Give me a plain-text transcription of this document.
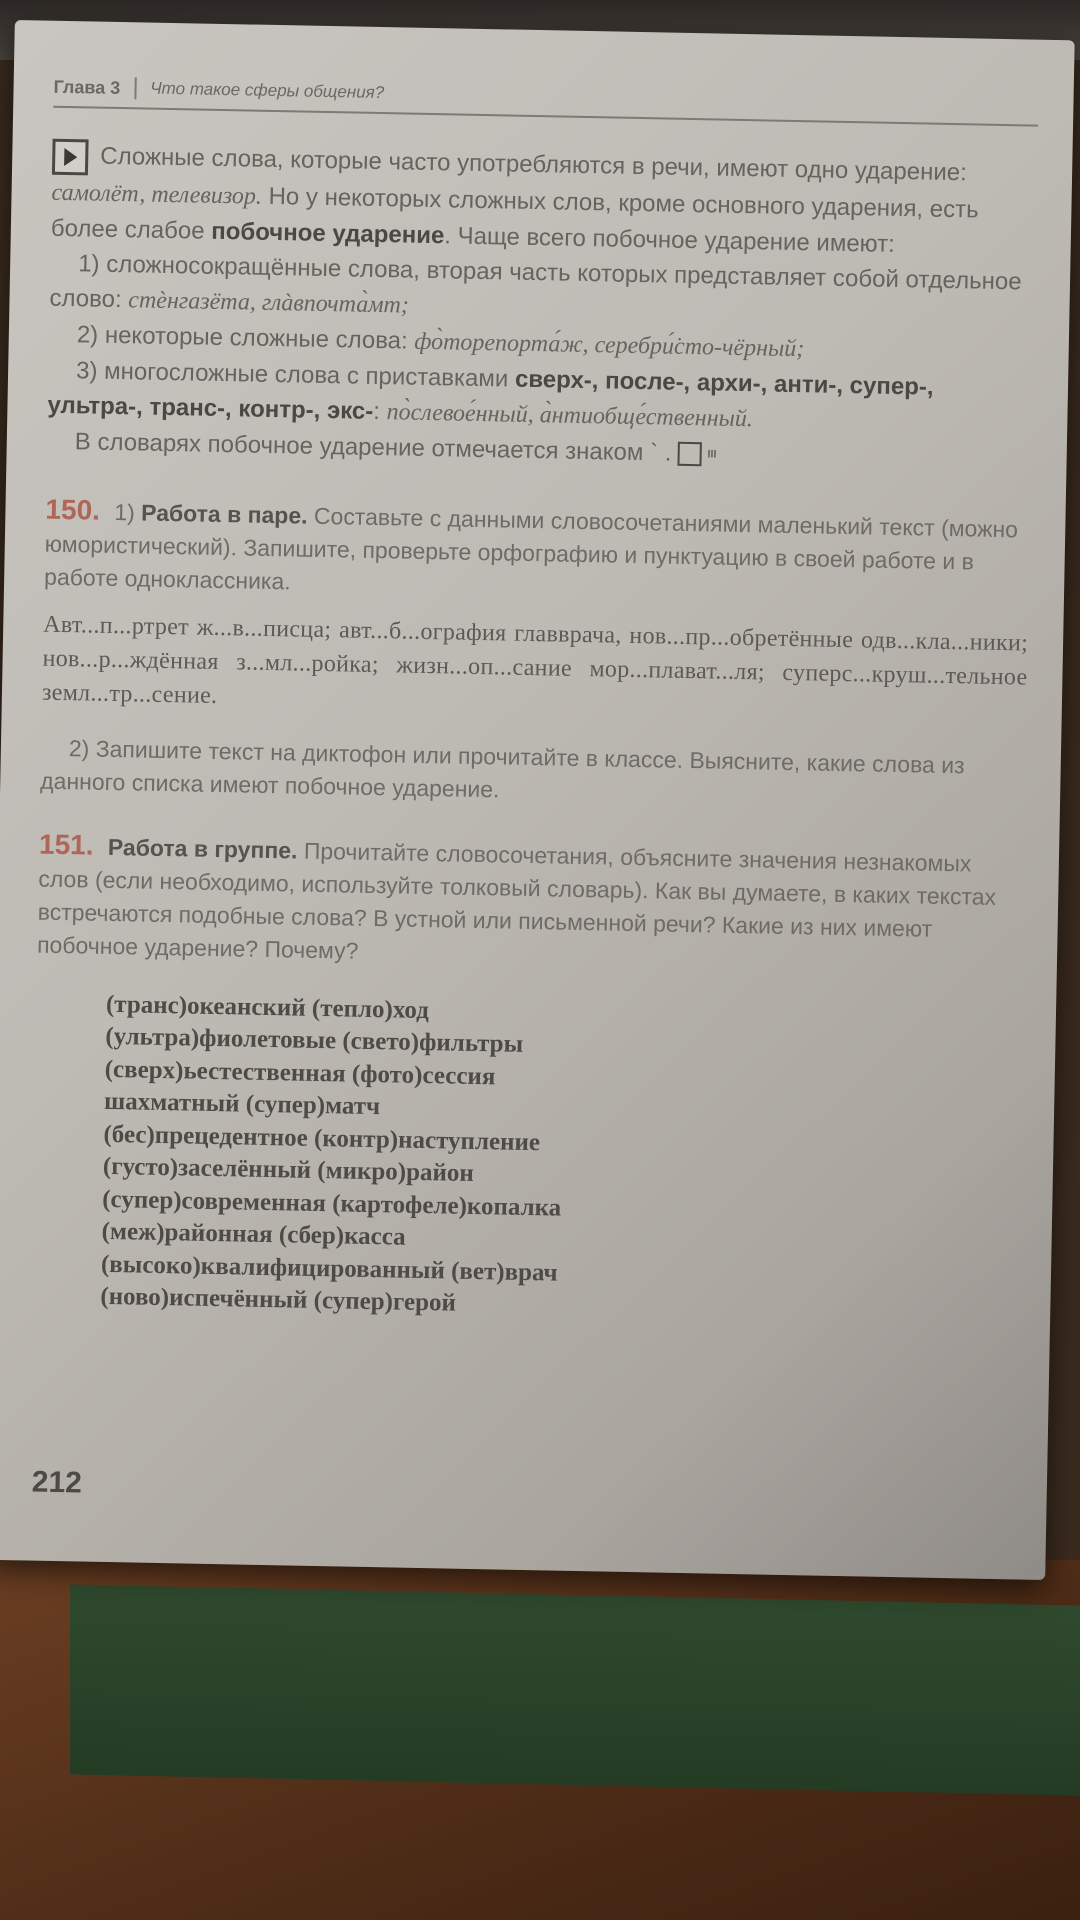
Глава 3 Что такое сферы общения?
Сложные слова, которые часто употребляются в речи, имеют одно ударение: самолёт, телевизор. Но у некоторых сложных слов, кроме основного ударения, есть более слабое побочное ударение. Чаще всего побочное ударение имеют:
1) сложносокращённые слова, вторая часть которых представляет собой отдельное слово: стѐнгазёта, глàвпочта̀мт;
2) некоторые сложные слова: фо̀торепорта́ж, серебри̇́сто-чёрный;
3) многосложные слова с приставками сверх-, после-, архи-, анти-, супер-, ультра-, транс-, контр-, экс-: по̀слевое́нный, а̀нтиобще́ственный.
В словарях побочное ударение отмечается знаком ` .	III
150. 1) Работа в паре. Составьте с данными словосочетаниями маленький текст (можно юмористический). Запишите, проверьте орфографию и пунктуацию в своей работе и в работе одноклассника.
Авт...п...ртрет ж...в...писца; авт...б...ография главврача, нов...пр...обретённые одв...кла...ники; нов...р...ждённая з...мл...ройка; жизн...оп...сание мор...плават...ля; суперс...круш...тельное земл...тр...сение.
2) Запишите текст на диктофон или прочитайте в классе. Выясните, какие слова из данного списка имеют побочное ударение.
151. Работа в группе. Прочитайте словосочетания, объясните значения незнакомых слов (если необходимо, используйте толковый словарь). Как вы думаете, в каких текстах встречаются подобные слова? В устной или письменной речи? Какие из них имеют побочное ударение? Почему?
(транс)океанский (тепло)ход
(ультра)фиолетовые (свето)фильтры
(сверх)ьестественная (фото)сессия
шахматный (супер)матч
(бес)прецедентное (контр)наступление
(густо)заселённый (микро)район
(супер)современная (картофеле)копалка
(меж)районная (сбер)касса
(высоко)квалифицированный (вет)врач
(ново)испечённый (супер)герой
212
